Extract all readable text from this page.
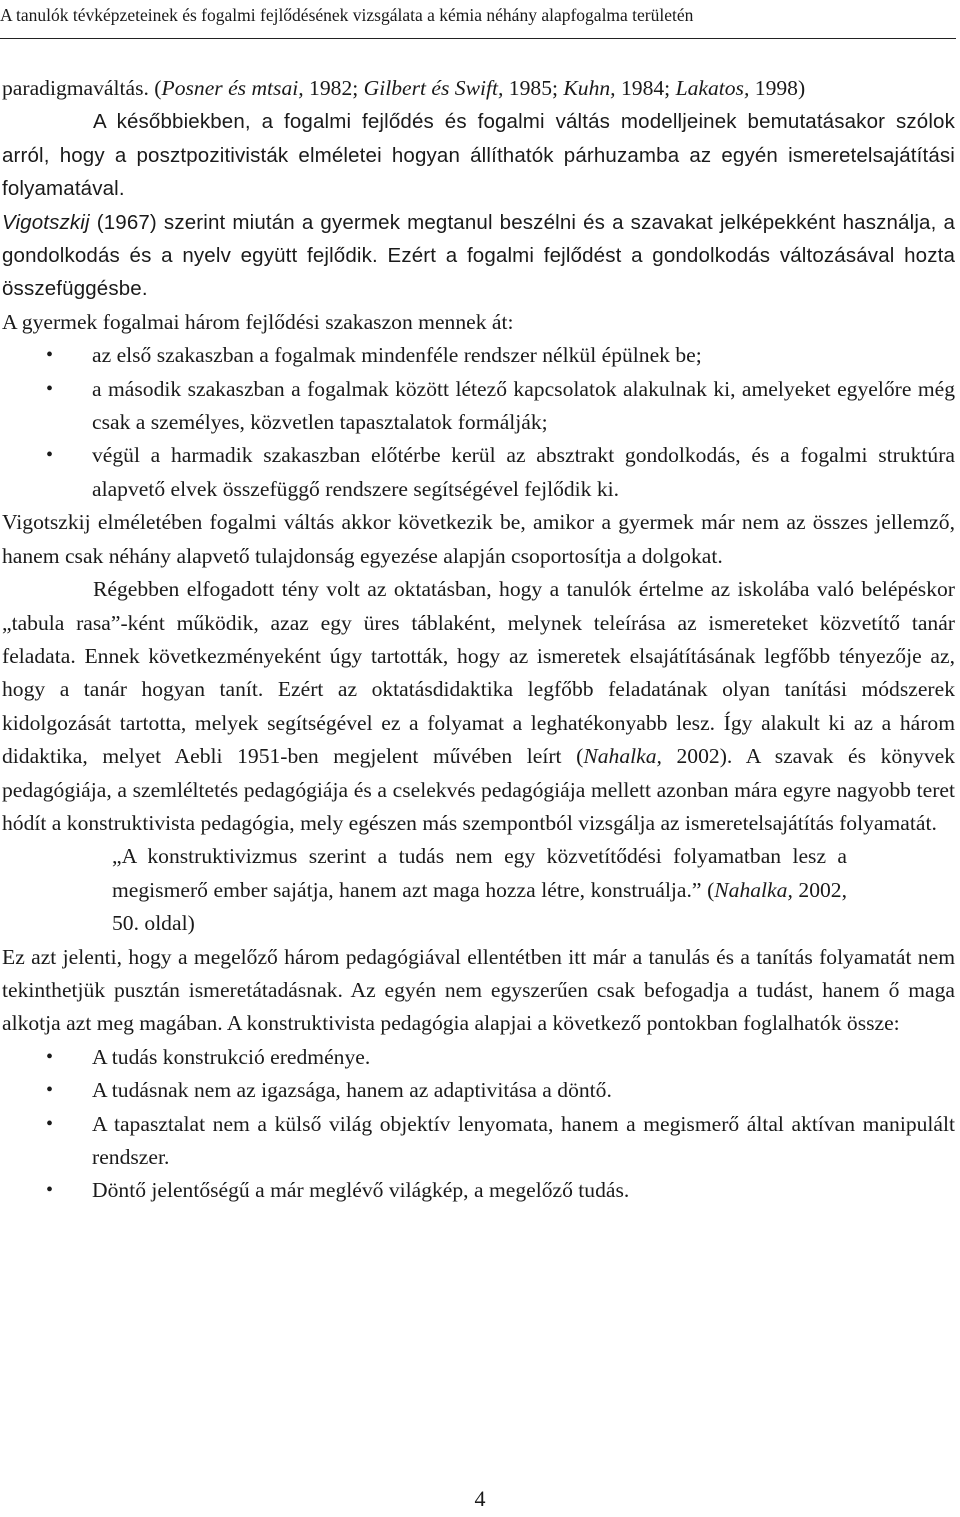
A tanulók tévképzeteinek és fogalmi fejlődésének vizsgálata a kémia néhány alapfogalma területén

paradigmaváltás. (Posner és mtsai, 1982; Gilbert és Swift, 1985; Kuhn, 1984; Lakatos, 1998)

A későbbiekben, a fogalmi fejlődés és fogalmi váltás modelljeinek bemutatásakor szólok arról, hogy a posztpozitivisták elméletei hogyan állíthatók párhuzamba az egyén ismeretelsajátítási folyamatával.
Vigotszkij (1967) szerint miután a gyermek megtanul beszélni és a szavakat jelképekként használja, a gondolkodás és a nyelv együtt fejlődik. Ezért a fogalmi fejlődést a gondolkodás változásával hozta összefüggésbe.

A gyermek fogalmai három fejlődési szakaszon mennek át:

• az első szakaszban a fogalmak mindenféle rendszer nélkül épülnek be;
• a második szakaszban a fogalmak között létező kapcsolatok alakulnak ki, amelyeket egyelőre még csak a személyes, közvetlen tapasztalatok formálják;
• végül a harmadik szakaszban előtérbe kerül az absztrakt gondolkodás, és a fogalmi struktúra alapvető elvek összefüggő rendszere segítségével fejlődik ki.

Vigotszkij elméletében fogalmi váltás akkor következik be, amikor a gyermek már nem az összes jellemző, hanem csak néhány alapvető tulajdonság egyezése alapján csoportosítja a dolgokat.

Régebben elfogadott tény volt az oktatásban, hogy a tanulók értelme az iskolába való belépéskor „tabula rasa”-ként működik, azaz egy üres táblaként, melynek teleírása az ismereteket közvetítő tanár feladata. Ennek következményeként úgy tartották, hogy az ismeretek elsajátításának legfőbb tényezője az, hogy a tanár hogyan tanít. Ezért az oktatásdidaktika legfőbb feladatának olyan tanítási módszerek kidolgozását tartotta, melyek segítségével ez a folyamat a leghatékonyabb lesz. Így alakult ki az a három didaktika, melyet Aebli 1951-ben megjelent művében leírt (Nahalka, 2002). A szavak és könyvek pedagógiája, a szemléltetés pedagógiája és a cselekvés pedagógiája mellett azonban mára egyre nagyobb teret hódít a konstruktivista pedagógia, mely egészen más szempontból vizsgálja az ismeretelsajátítás folyamatát.

„A konstruktivizmus szerint a tudás nem egy közvetítődési folyamatban lesz a megismerő ember sajátja, hanem azt maga hozza létre, konstruálja.” (Nahalka, 2002, 50. oldal)

Ez azt jelenti, hogy a megelőző három pedagógiával ellentétben itt már a tanulás és a tanítás folyamatát nem tekinthetjük pusztán ismeretátadásnak. Az egyén nem egyszerűen csak befogadja a tudást, hanem ő maga alkotja azt meg magában. A konstruktivista pedagógia alapjai a következő pontokban foglalhatók össze:

• A tudás konstrukció eredménye.
• A tudásnak nem az igazsága, hanem az adaptivitása a döntő.
• A tapasztalat nem a külső világ objektív lenyomata, hanem a megismerő által aktívan manipulált rendszer.
• Döntő jelentőségű a már meglévő világkép, a megelőző tudás.
4
